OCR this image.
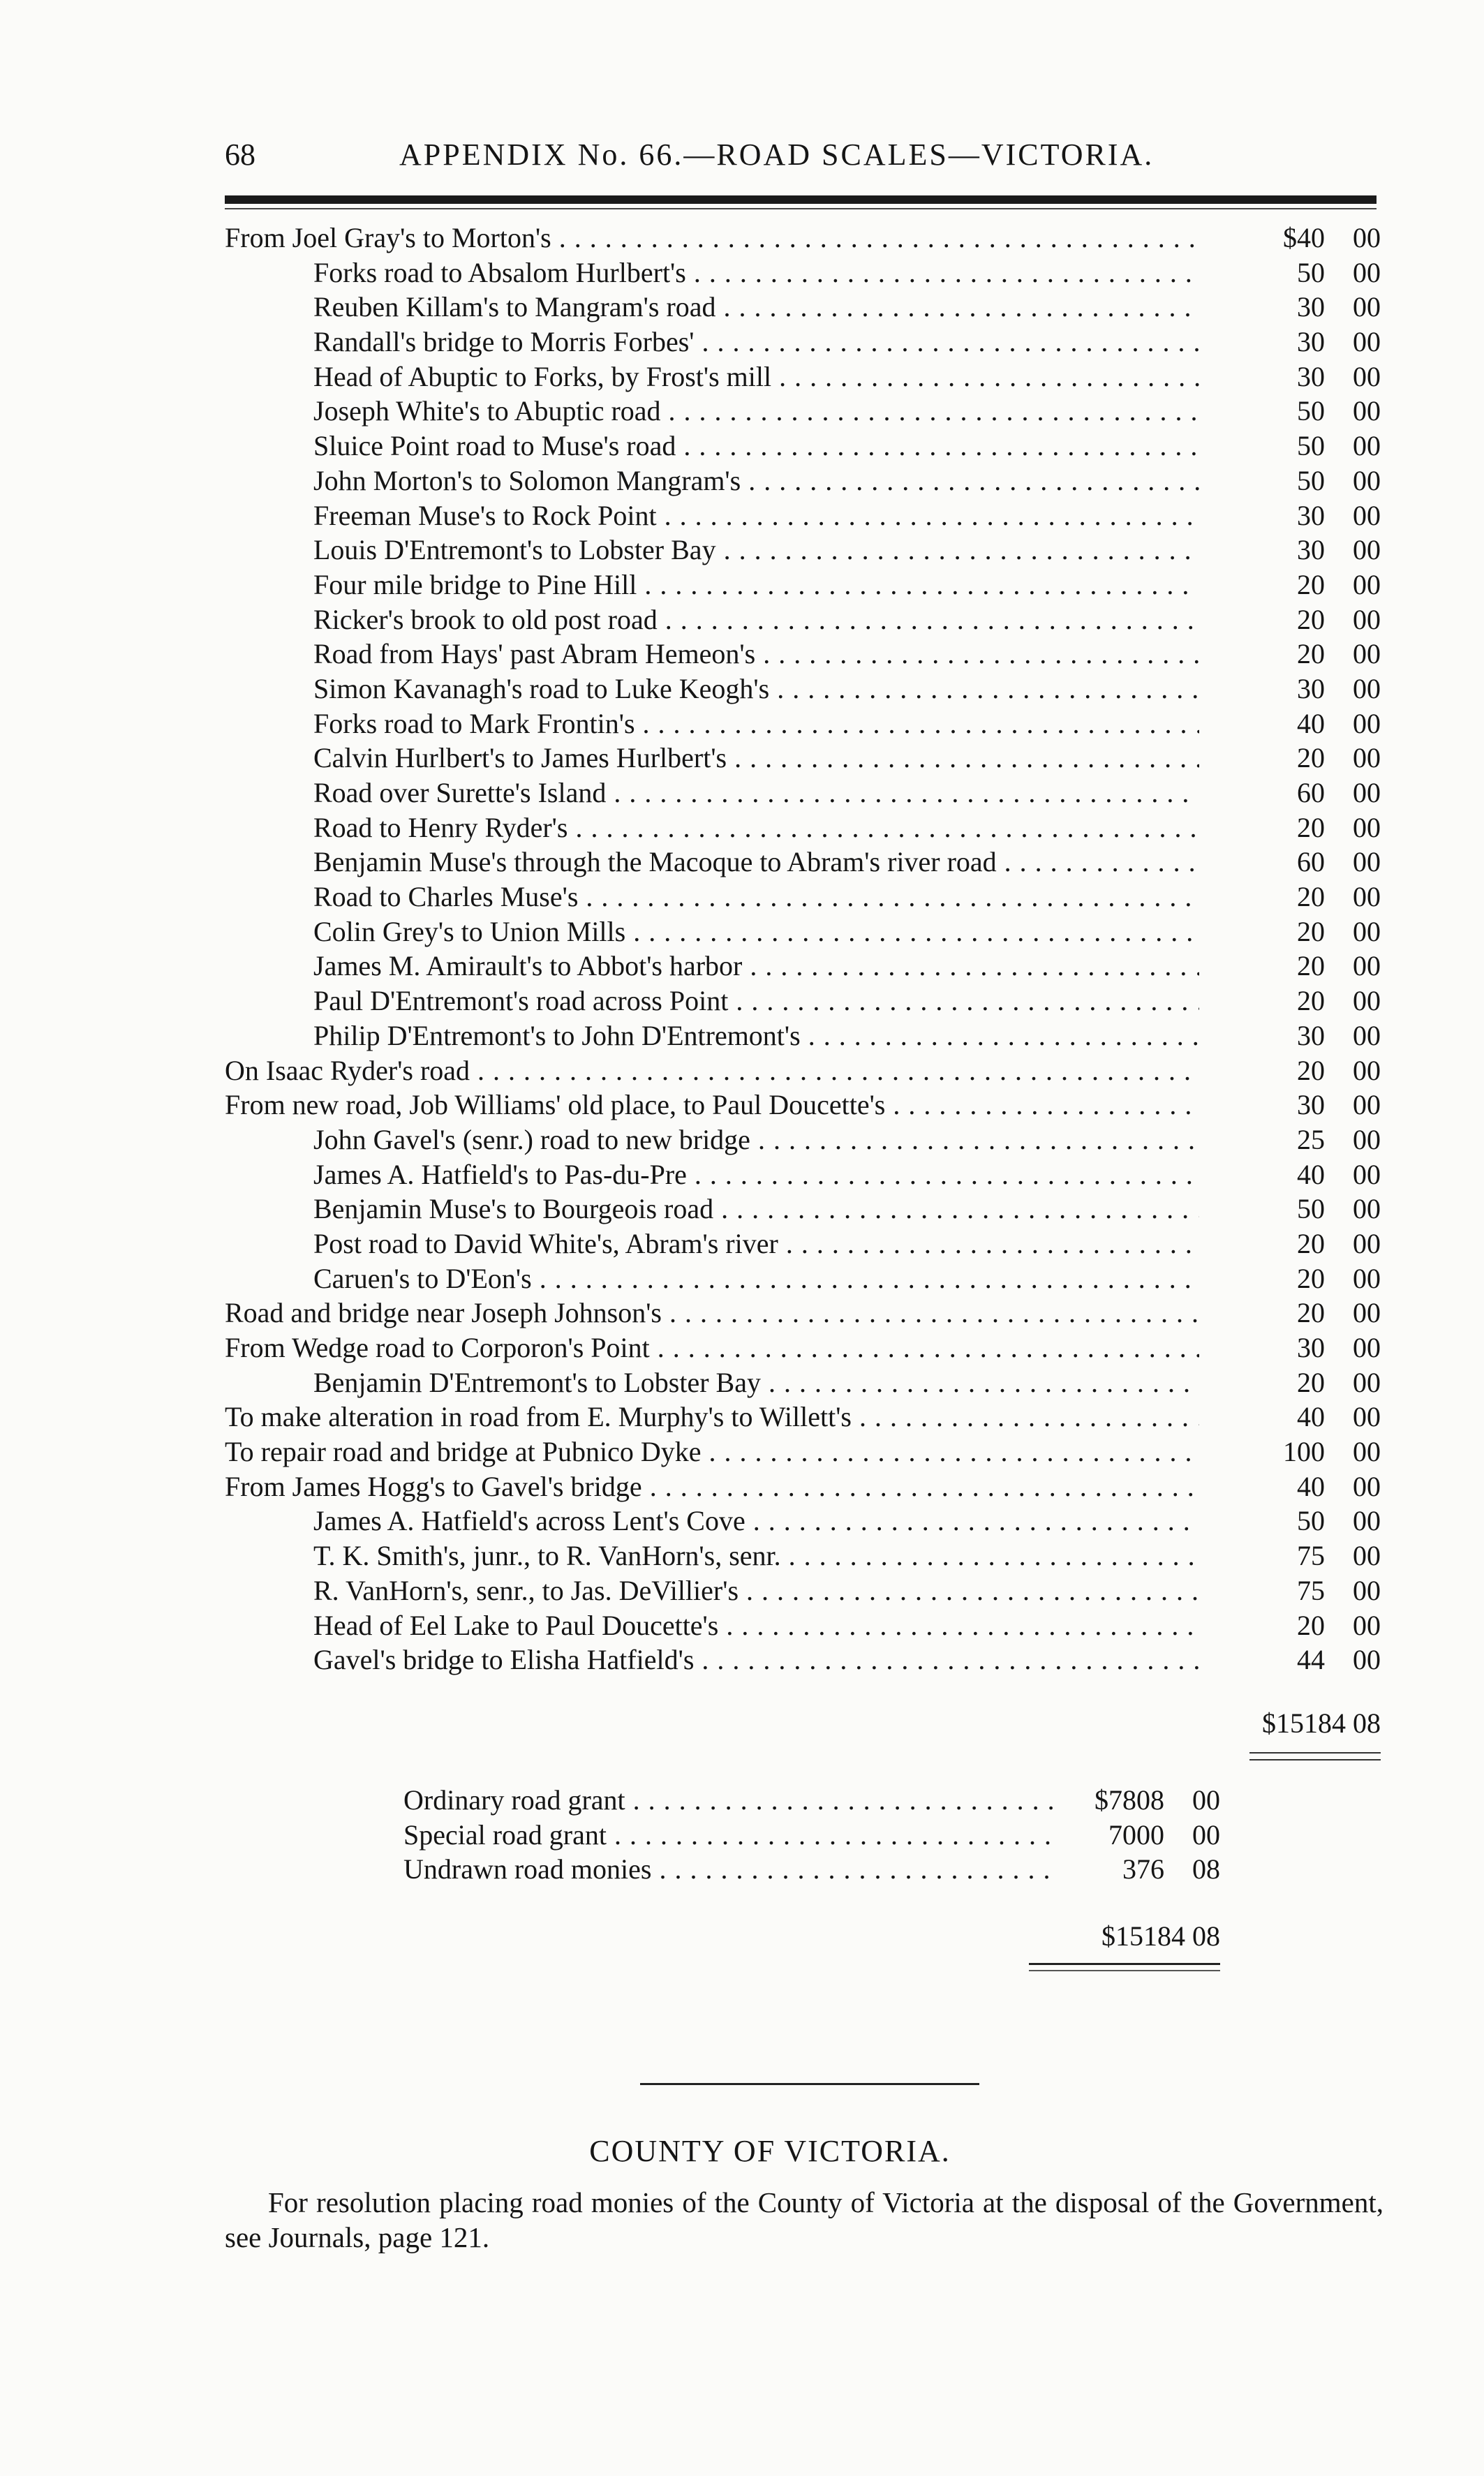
68	APPENDIX No. 66.—ROAD SCALES—VICTORIA.
From Joel Gray's to Morton's . . .	$40 00
Forks road to Absalom Hurlbert's . . .	50 00
Reuben Killam's to Mangram's road . . .	30 00
Randall's bridge to Morris Forbes' . . .	30 00
Head of Abuptic to Forks, by Frost's mill . . .	30 00
Joseph White's to Abuptic road . . .	50 00
Sluice Point road to Muse's road . . .	50 00
John Morton's to Solomon Mangram's . . .	50 00
Freeman Muse's to Rock Point . . .	30 00
Louis D'Entremont's to Lobster Bay . . .	30 00
Four mile bridge to Pine Hill . . .	20 00
Ricker's brook to old post road . . .	20 00
Road from Hays' past Abram Hemeon's . . .	20 00
Simon Kavanagh's road to Luke Keogh's . . .	30 00
Forks road to Mark Frontin's . . .	40 00
Calvin Hurlbert's to James Hurlbert's . . .	20 00
Road over Surette's Island . . .	60 00
Road to Henry Ryder's . . .	20 00
Benjamin Muse's through the Macoque to Abram's river road . . .	60 00
Road to Charles Muse's . . .	20 00
Colin Grey's to Union Mills . . .	20 00
James M. Amirault's to Abbot's harbor . . .	20 00
Paul D'Entremont's road across Point . . .	20 00
Philip D'Entremont's to John D'Entremont's . . .	30 00
On Isaac Ryder's road . . .	20 00
From new road, Job Williams' old place, to Paul Doucette's . . .	30 00
John Gavel's (senr.) road to new bridge . . .	25 00
James A. Hatfield's to Pas-du-Pre . . .	40 00
Benjamin Muse's to Bourgeois road . . .	50 00
Post road to David White's, Abram's river . . .	20 00
Caruen's to D'Eon's . . .	20 00
Road and bridge near Joseph Johnson's . . .	20 00
From Wedge road to Corporon's Point . . .	30 00
Benjamin D'Entremont's to Lobster Bay . . .	20 00
To make alteration in road from E. Murphy's to Willett's . . .	40 00
To repair road and bridge at Pubnico Dyke . . .	100 00
From James Hogg's to Gavel's bridge . . .	40 00
James A. Hatfield's across Lent's Cove . . .	50 00
T. K. Smith's, junr., to R. VanHorn's, senr. . . .	75 00
R. VanHorn's, senr., to Jas. DeVillier's . . .	75 00
Head of Eel Lake to Paul Doucette's . . .	20 00
Gavel's bridge to Elisha Hatfield's . . .	44 00
$15184 08
Ordinary road grant . . .	$7808 00
Special road grant . . .	7000 00
Undrawn road monies . . .	376 08
$15184 08
COUNTY OF VICTORIA.
For resolution placing road monies of the County of Victoria at the disposal of the Government, see Journals, page 121.
